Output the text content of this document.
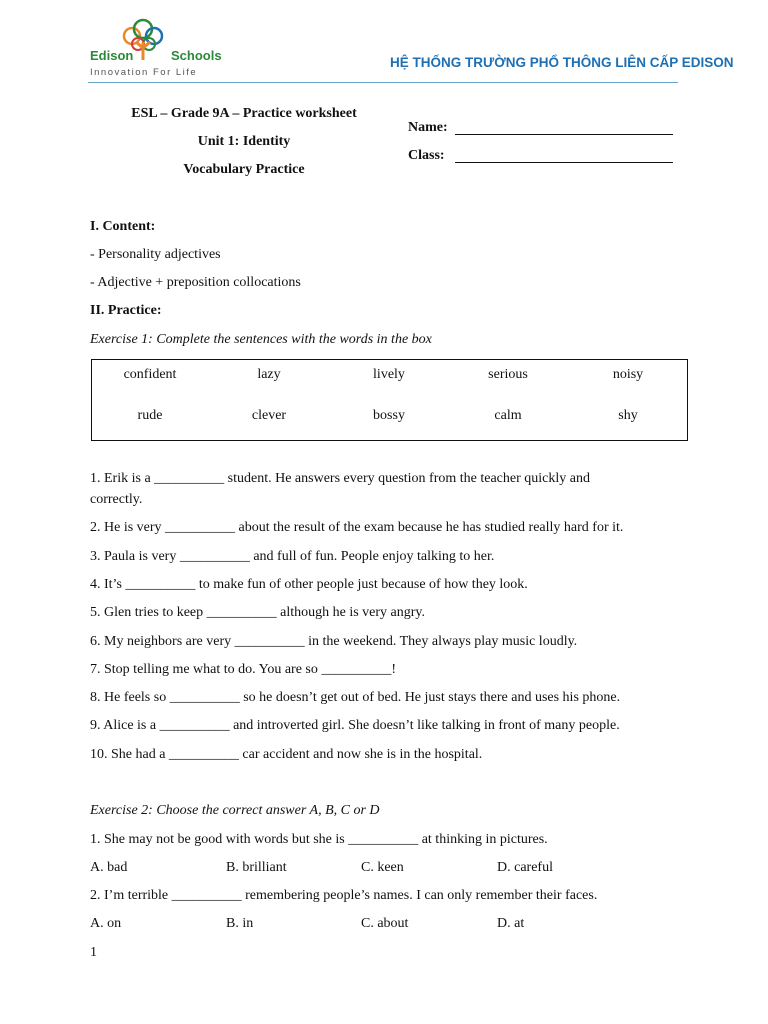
Edison	Schools
Innovation For Life
HỆ THỐNG TRƯỜNG PHỔ THÔNG LIÊN CẤP EDISON
ESL – Grade 9A – Practice worksheet
Unit 1: Identity
Vocabulary Practice
Name:
Class:
I. Content:
- Personality adjectives
- Adjective + preposition collocations
II. Practice:
Exercise 1: Complete the sentences with the words in the box
confident	lazy	lively	serious	noisy
rude	clever	bossy	calm	shy
1. Erik is a __________ student. He answers every question from the teacher quickly and
correctly.
2. He is very __________ about the result of the exam because he has studied really hard for it.
3. Paula is very __________ and full of fun. People enjoy talking to her.
4. It’s __________ to make fun of other people just because of how they look.
5. Glen tries to keep __________ although he is very angry.
6. My neighbors are very __________ in the weekend. They always play music loudly.
7. Stop telling me what to do. You are so __________!
8. He feels so __________ so he doesn’t get out of bed. He just stays there and uses his phone.
9. Alice is a __________ and introverted girl. She doesn’t like talking in front of many people.
10. She had a __________ car accident and now she is in the hospital.
Exercise 2: Choose the correct answer A, B, C or D
1. She may not be good with words but she is __________ at thinking in pictures.
A. bad	B. brilliant	C. keen	D. careful
2. I’m terrible __________ remembering people’s names. I can only remember their faces.
A. on	B. in	C. about	D. at
1
